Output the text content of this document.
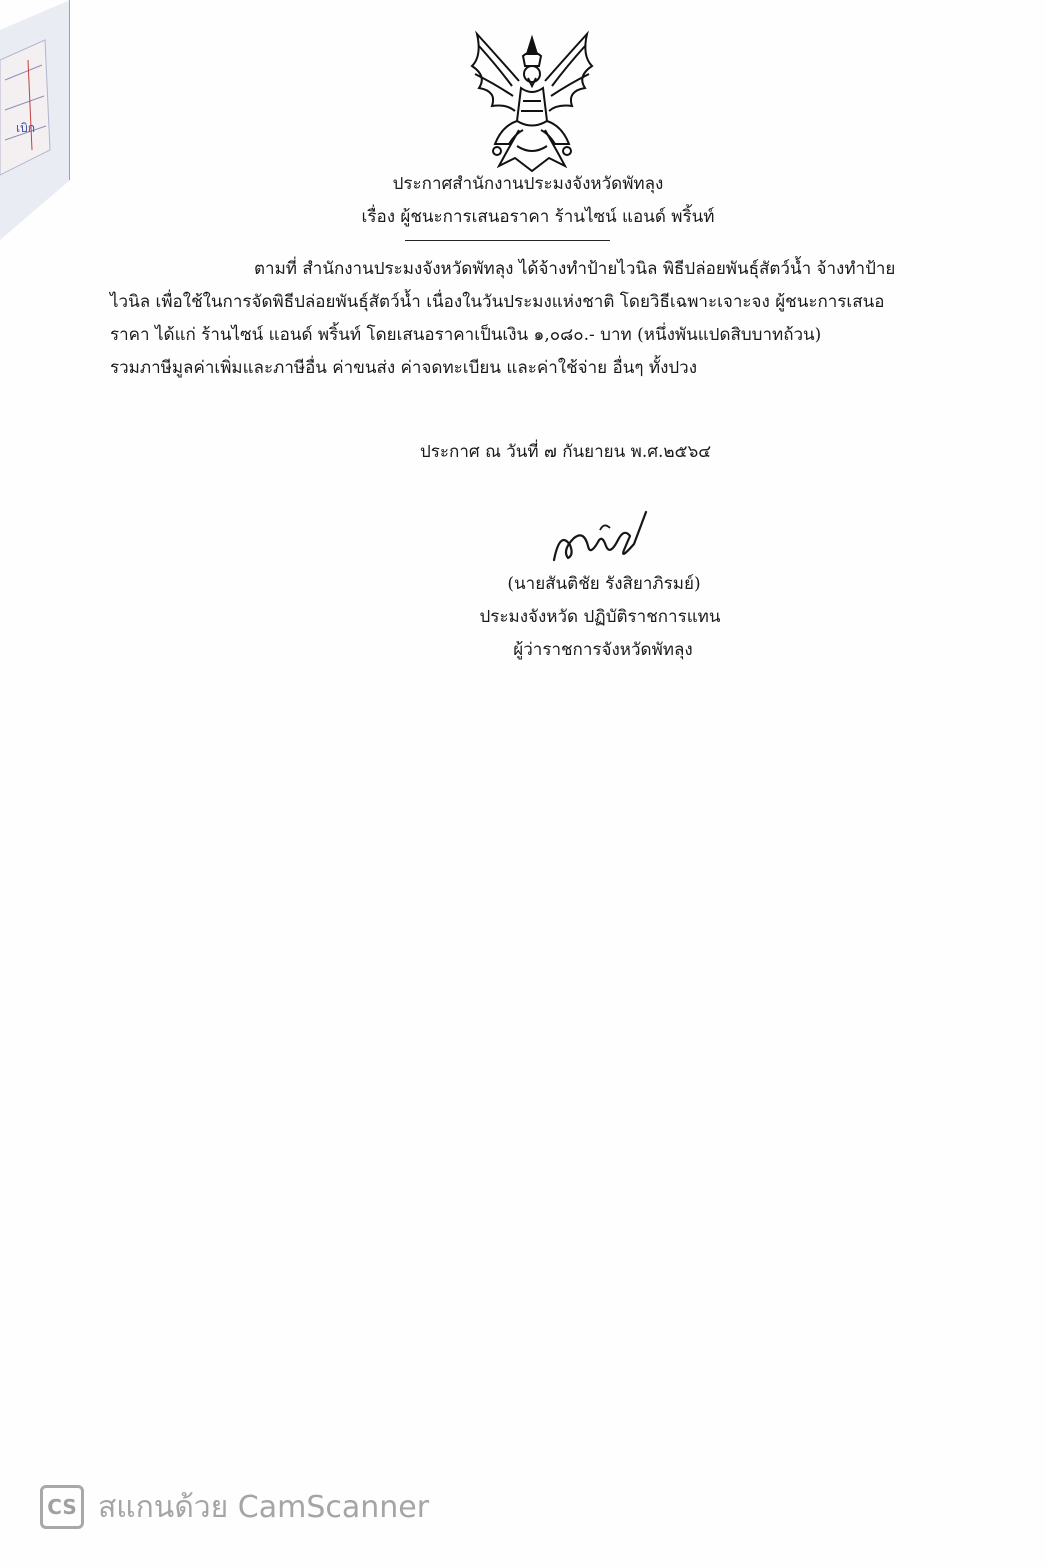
เบิก
ประกาศสำนักงานประมงจังหวัดพัทลุง
เรื่อง ผู้ชนะการเสนอราคา ร้านไซน์ แอนด์ พริ้นท์
ตามที่ สำนักงานประมงจังหวัดพัทลุง ได้จ้างทำป้ายไวนิล พิธีปล่อยพันธุ์สัตว์น้ำ จ้างทำป้าย
ไวนิล เพื่อใช้ในการจัดพิธีปล่อยพันธุ์สัตว์น้ำ เนื่องในวันประมงแห่งชาติ โดยวิธีเฉพาะเจาะจง ผู้ชนะการเสนอ
ราคา ได้แก่ ร้านไซน์ แอนด์ พริ้นท์ โดยเสนอราคาเป็นเงิน ๑,๐๘๐.- บาท (หนึ่งพันแปดสิบบาทถ้วน)
รวมภาษีมูลค่าเพิ่มและภาษีอื่น ค่าขนส่ง ค่าจดทะเบียน และค่าใช้จ่าย อื่นๆ ทั้งปวง
ประกาศ ณ วันที่ ๗ กันยายน พ.ศ.๒๕๖๔
(นายสันติชัย รังสิยาภิรมย์)
ประมงจังหวัด ปฏิบัติราชการแทน
ผู้ว่าราชการจังหวัดพัทลุง
CS สแกนด้วย CamScanner
